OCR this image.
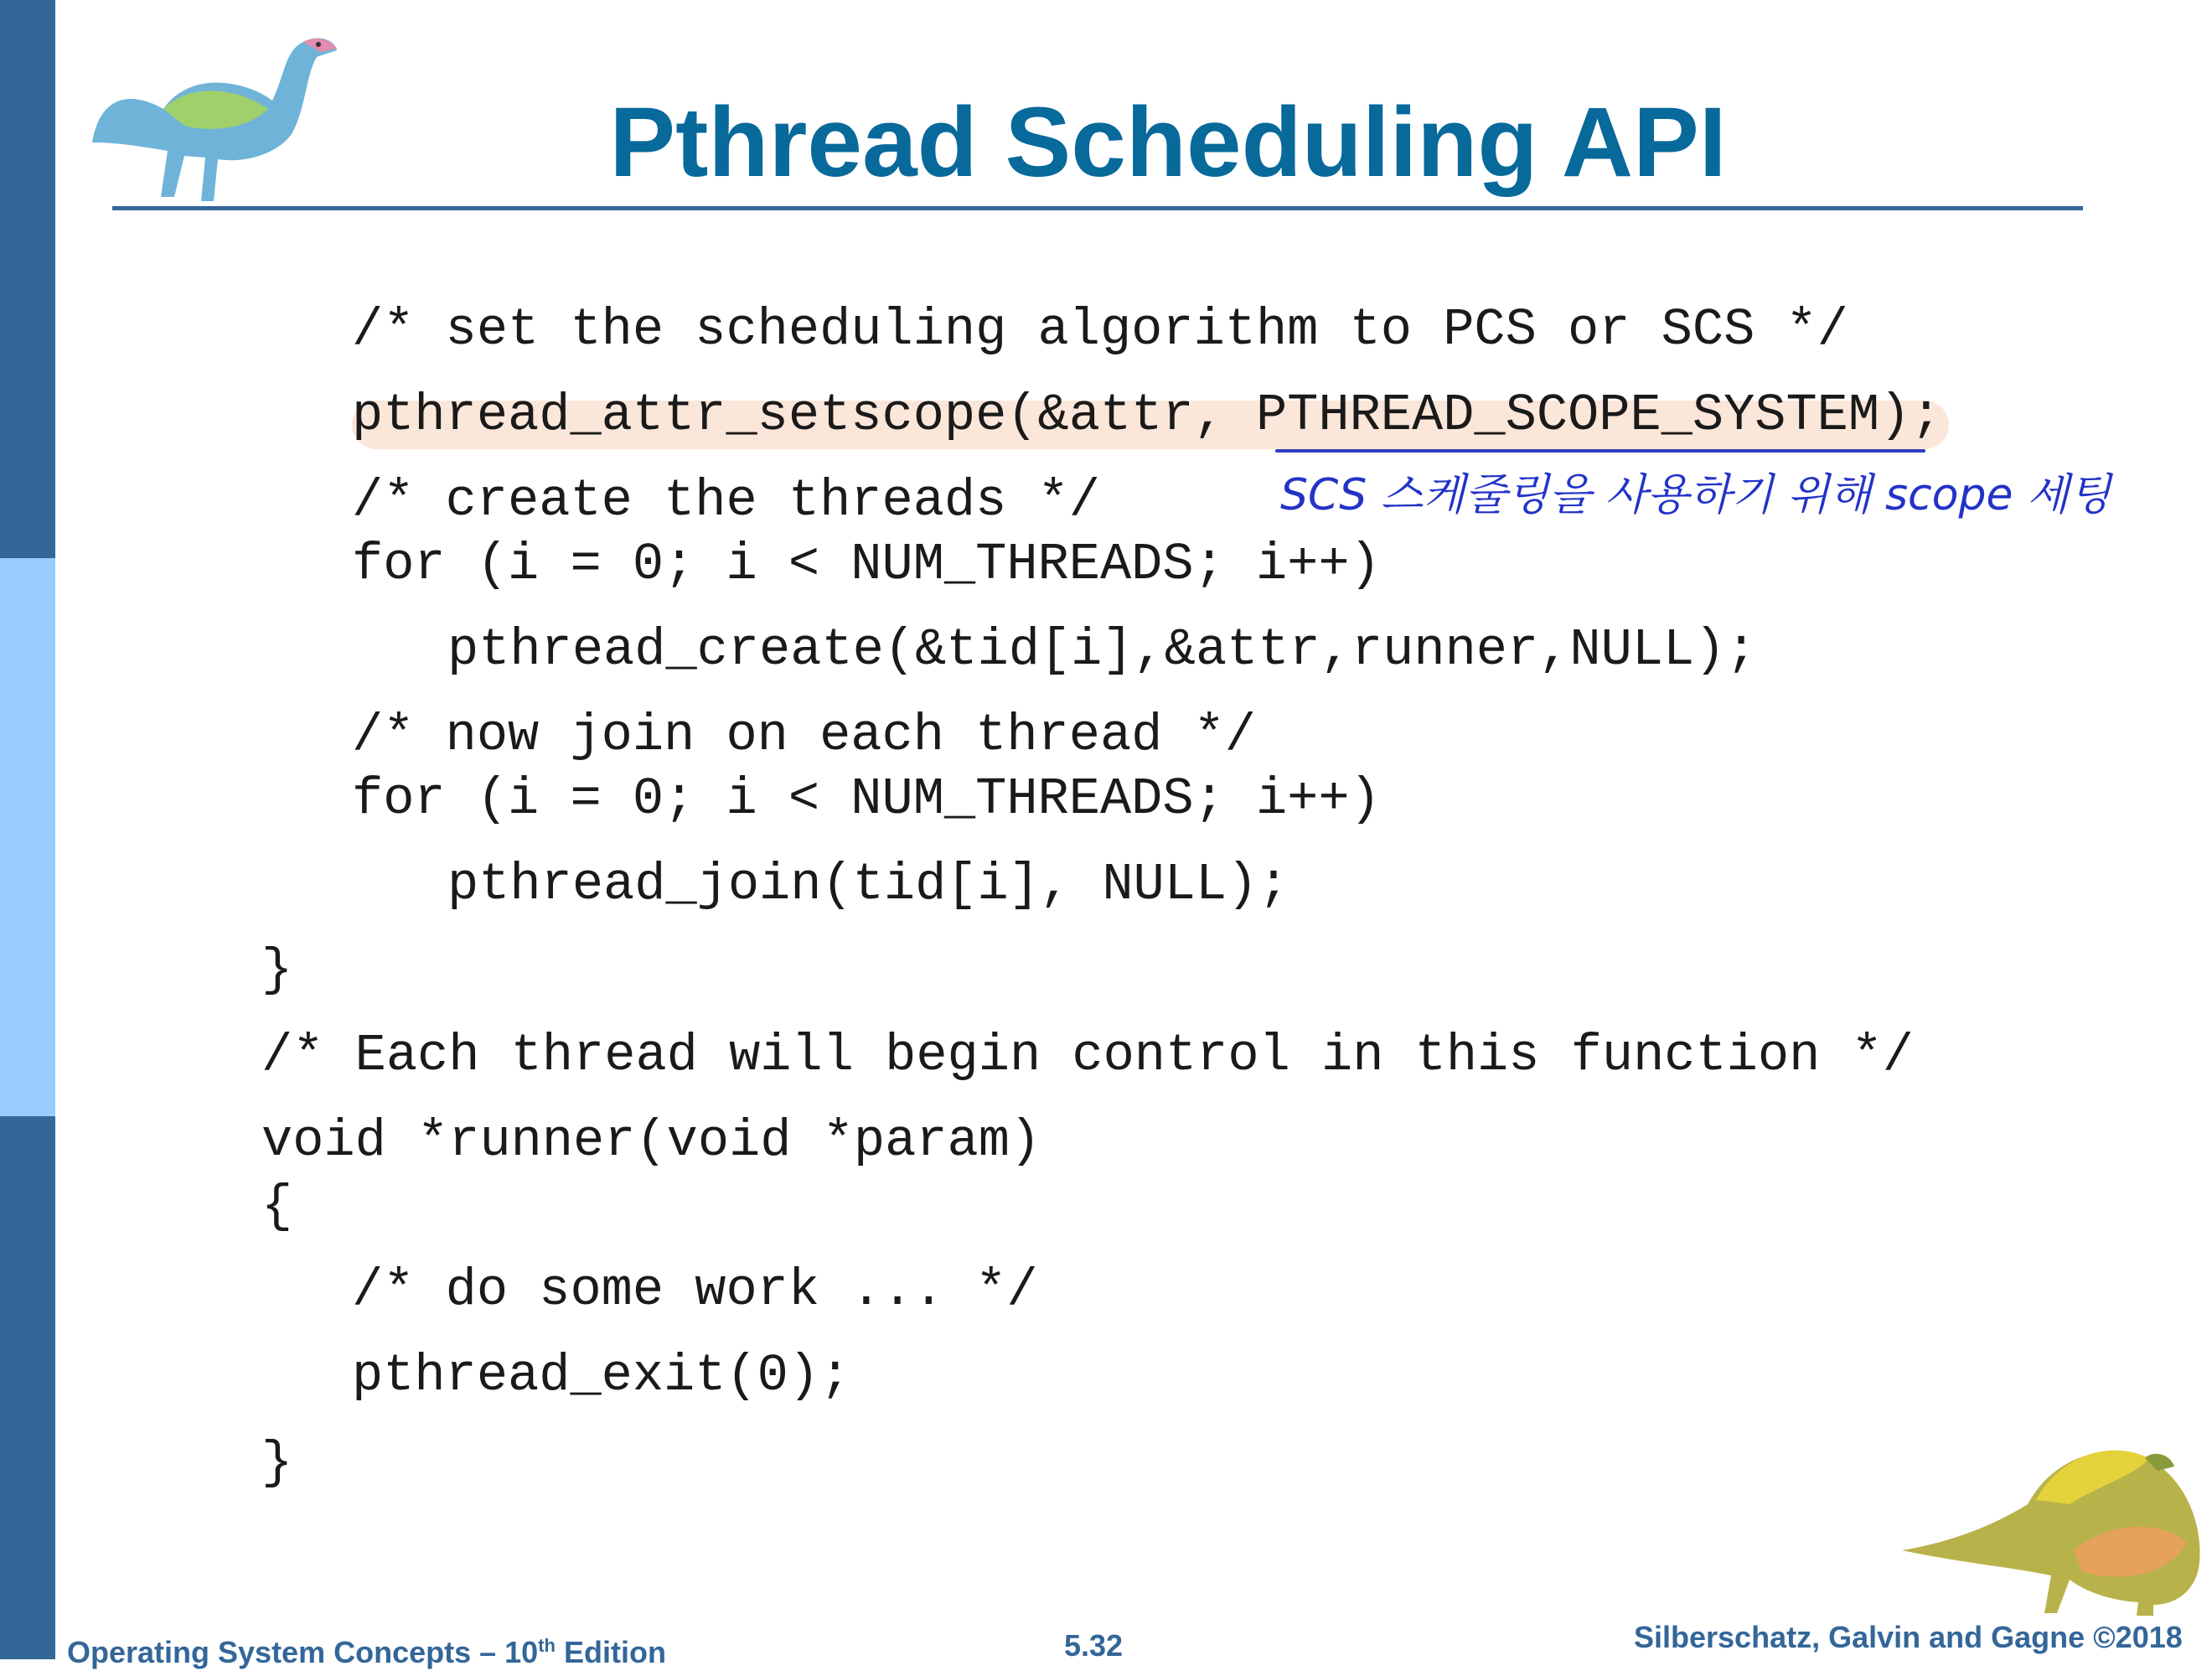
Pthread Scheduling API
/* set the scheduling algorithm to PCS or SCS */
pthread_attr_setscope(&attr, PTHREAD_SCOPE_SYSTEM);
/* create the threads */
for (i = 0; i < NUM_THREADS; i++)
pthread_create(&tid[i],&attr,runner,NULL);
/* now join on each thread */
for (i = 0; i < NUM_THREADS; i++)
pthread_join(tid[i], NULL);
}
/* Each thread will begin control in this function */
void *runner(void *param)
{
/* do some work ... */
pthread_exit(0);
}
SCS 스케줄링을 사용하기 위해 scope 세팅
Operating System Concepts – 10th Edition	5.32	Silberschatz, Galvin and Gagne ©2018
